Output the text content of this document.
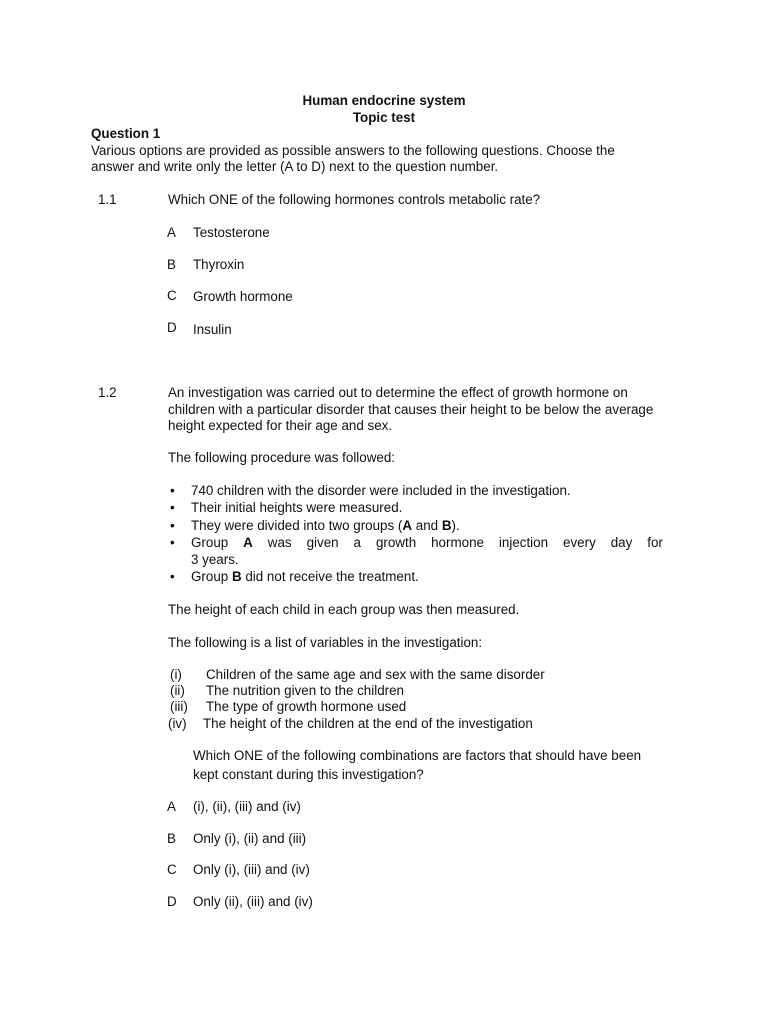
Human endocrine system
Topic test
Question 1
Various options are provided as possible answers to the following questions. Choose the
answer and write only the letter (A to D) next to the question number.
1.1	Which ONE of the following hormones controls metabolic rate?
A Testosterone
B Thyroxin
C Growth hormone
D Insulin
1.2	An investigation was carried out to determine the effect of growth hormone on
children with a particular disorder that causes their height to be below the average
height expected for their age and sex.
The following procedure was followed:
• 740 children with the disorder were included in the investigation.
• Their initial heights were measured.
• They were divided into two groups (A and B).
• Group A was given a growth hormone injection every day for
3 years.
• Group B did not receive the treatment.
The height of each child in each group was then measured.
The following is a list of variables in the investigation:
(i) Children of the same age and sex with the same disorder
(ii) The nutrition given to the children
(iii) The type of growth hormone used
(iv) The height of the children at the end of the investigation
Which ONE of the following combinations are factors that should have been
kept constant during this investigation?
A (i), (ii), (iii) and (iv)
B Only (i), (ii) and (iii)
C Only (i), (iii) and (iv)
D Only (ii), (iii) and (iv)
